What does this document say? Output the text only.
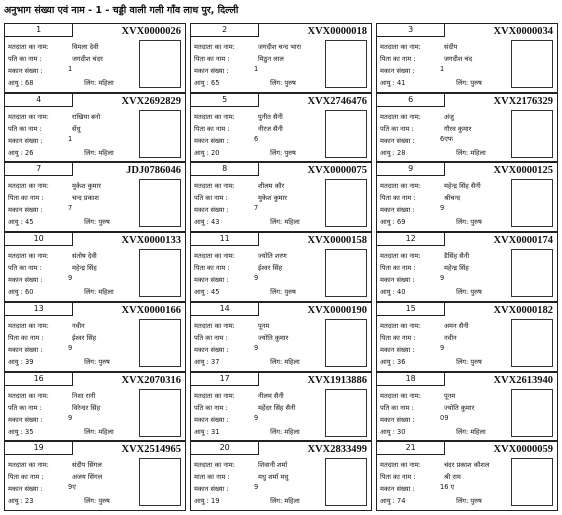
अनुभाग संख्या एवं नाम - 1 - चड्डी वाली गली गाँव लाध पुर, दिल्ली
1	XVX0000026
मतदाता का नाम:	विमला देवी
पति का नाम :	जगदीश चंदर
मकान संख्या :	1
आयु : 68	लिंग: महिला
2	XVX0000018
मतदाता का नाम:	जगदीश चन्द भारा
पिता का नाम :	मिठुन लाल
मकान संख्या :	1
आयु : 65	लिंग: पुरुष
3	XVX0000034
मतदाता का नाम:	संदीप
पिता का नाम :	जगदीश चंद
मकान संख्या :	1
आयु : 41	लिंग: पुरुष
4	XVX2692829
मतदाता का नाम:	राखिया बनो
पति का नाम :	सेंधु
मकान संख्या :	1
आयु : 26	लिंग: महिला
5	XVX2746476
मतदाता का नाम:	पुनीत सैनी
पिता का नाम :	नीरज सैनी
मकान संख्या :	6
आयु : 20	लिंग: पुरुष
6	XVX2176329
मतदाता का नाम:	अंजु
पति का नाम :	गौरव कुमार
मकान संख्या :	6एफ
आयु : 28	लिंग: महिला
7	JDJ0786046
मतदाता का नाम:	मुकेश कुमार
पिता का नाम :	चन्द प्रकाश
मकान संख्या :	7
आयु : 45	लिंग: पुरुष
8	XVX0000075
मतदाता का नाम:	शीलम कौर
पति का नाम :	मुकेश कुमार
मकान संख्या :	7
आयु : 43	लिंग: महिला
9	XVX0000125
मतदाता का नाम:	महेन्द्र सिंह सैनी
पिता का नाम :	श्रीचन्द
मकान संख्या :	9
आयु : 69	लिंग: पुरुष
10	XVX0000133
मतदाता का नाम:	संतोष देवी
पति का नाम :	महेन्द्र सिंह
मकान संख्या :	9
आयु : 60	लिंग: महिला
11	XVX0000158
मतदाता का नाम:	ज्योति शरण
पिता का नाम :	ईश्वर सिंह
मकान संख्या :	9
आयु : 45	लिंग: पुरुष
12	XVX0000174
मतदाता का नाम:	डैसिंह सैनी
पिता का नाम :	महेन्द्र सिंह
मकान संख्या :	9
आयु : 40	लिंग: पुरुष
13	XVX0000166
मतदाता का नाम:	नवीन
पिता का नाम :	ईश्वर सिंह
मकान संख्या :	9
आयु : 39	लिंग: पुरुष
14	XVX0000190
मतदाता का नाम:	पूनम
पति का नाम :	ज्योति कुमार
मकान संख्या :	9
आयु : 37	लिंग: महिला
15	XVX0000182
मतदाता का नाम:	अमन सैनी
पिता का नाम :	नवीन
मकान संख्या :	9
आयु : 36	लिंग: पुरुष
16	XVX2070316
मतदाता का नाम:	निशा रानी
पति का नाम :	विरेन्दर सिंह
मकान संख्या :	9
आयु : 35	लिंग: महिला
17	XVX1913886
मतदाता का नाम:	नीलम सैनी
पति का नाम :	महेंदर सिंह सैनी
मकान संख्या :	9
आयु : 31	लिंग: महिला
18	XVX2613940
मतदाता का नाम:	पूनम
पति का नाम :	ज्योति कुमार
मकान संख्या :	09
आयु : 30	लिंग: महिला
19	XVX2514965
मतदाता का नाम:	संदीप सिंगल
पिता का नाम :	अजय सिंगल
मकान संख्या :	9ए
आयु : 23	लिंग: पुरुष
20	XVX2833499
मतदाता का नाम:	शिवानी शर्मा
माता का नाम :	मधु शर्मा मधु
मकान संख्या :	9
आयु : 19	लिंग: महिला
21	XVX0000059
मतदाता का नाम:	चंदर प्रकाश कौशल
पिता का नाम :	श्री राम
मकान संख्या :	16 ए
आयु : 74	लिंग: पुरुष
